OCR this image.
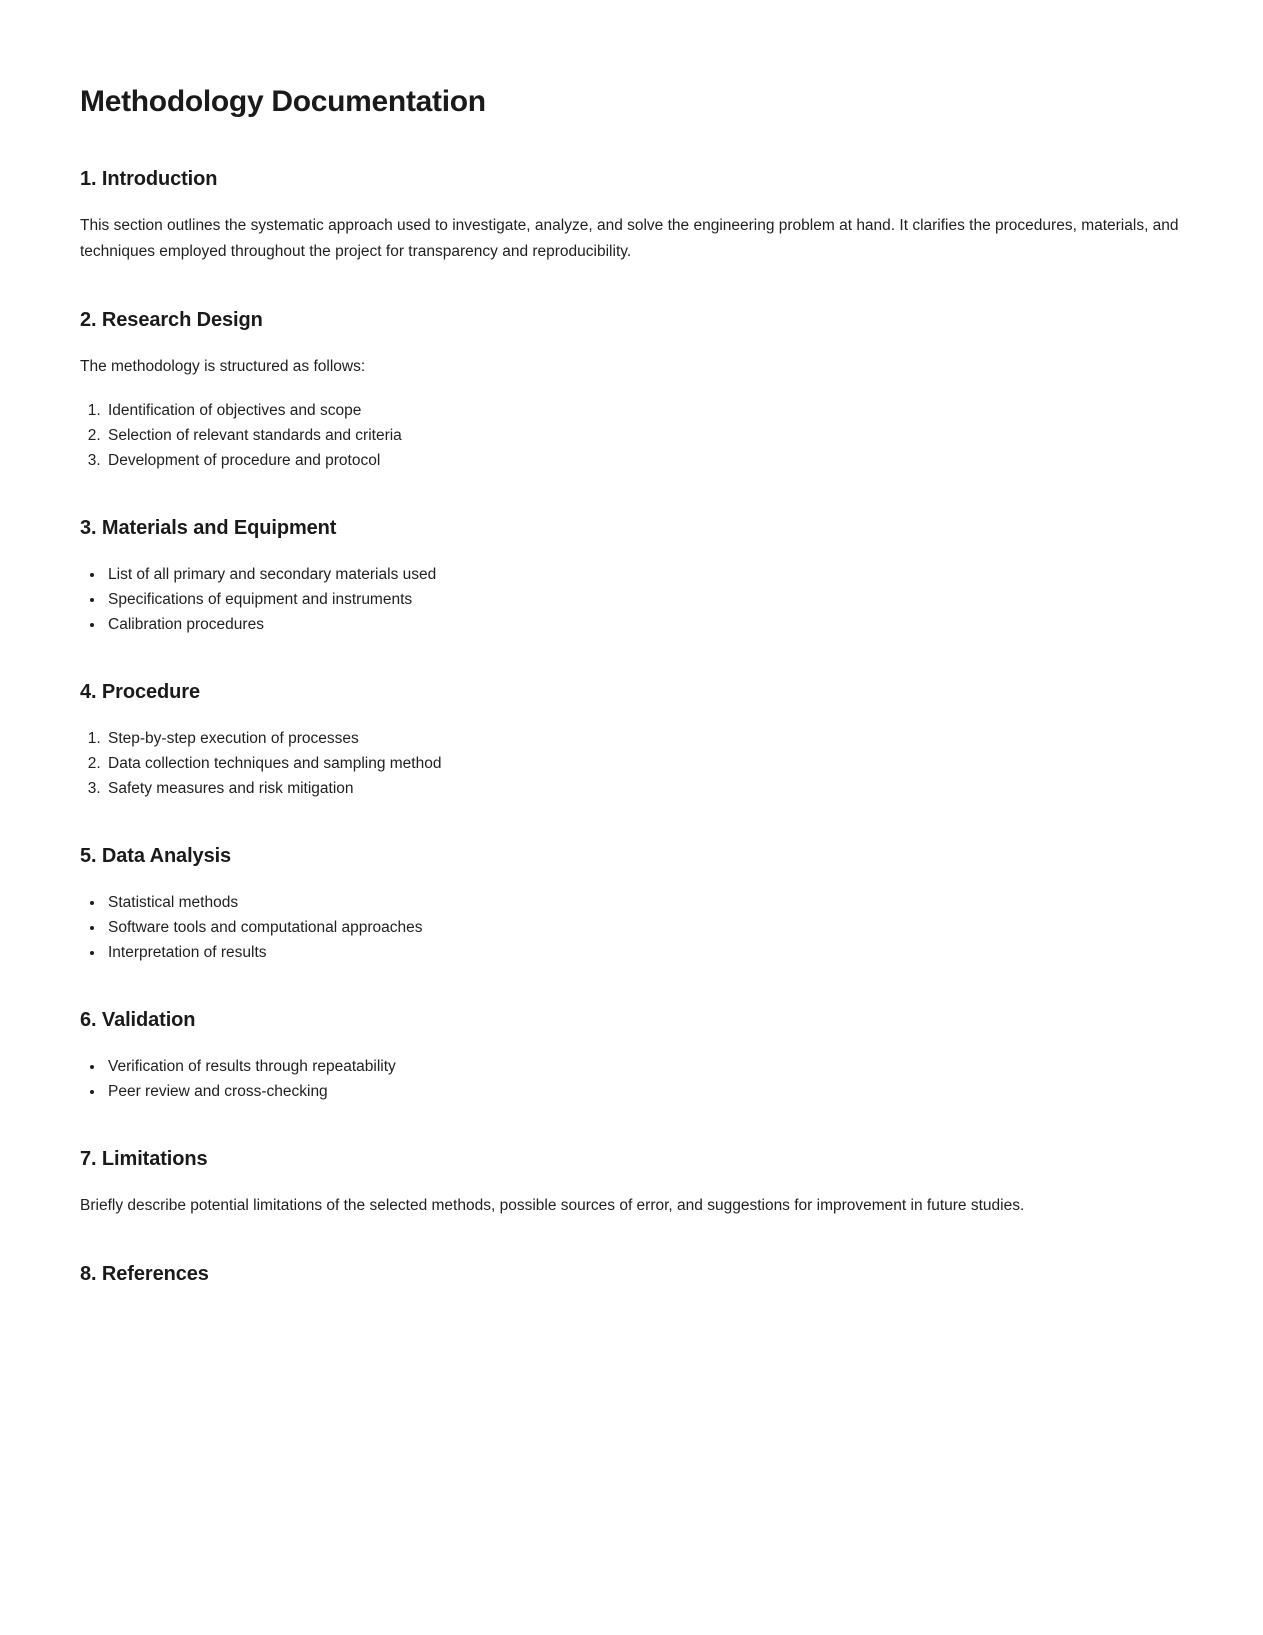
Methodology Documentation
1. Introduction

This section outlines the systematic approach used to investigate, analyze, and solve the engineering problem at hand. It clarifies the procedures, materials, and techniques employed throughout the project for transparency and reproducibility.

2. Research Design

The methodology is structured as follows:

1. Identification of objectives and scope
2. Selection of relevant standards and criteria
3. Development of procedure and protocol
3. Materials and Equipment
• List of all primary and secondary materials used
• Specifications of equipment and instruments
• Calibration procedures
4. Procedure
1. Step-by-step execution of processes
2. Data collection techniques and sampling method
3. Safety measures and risk mitigation
5. Data Analysis
• Statistical methods
• Software tools and computational approaches
• Interpretation of results
6. Validation
• Verification of results through repeatability
• Peer review and cross-checking
7. Limitations

Briefly describe potential limitations of the selected methods, possible sources of error, and suggestions for improvement in future studies.

8. References
